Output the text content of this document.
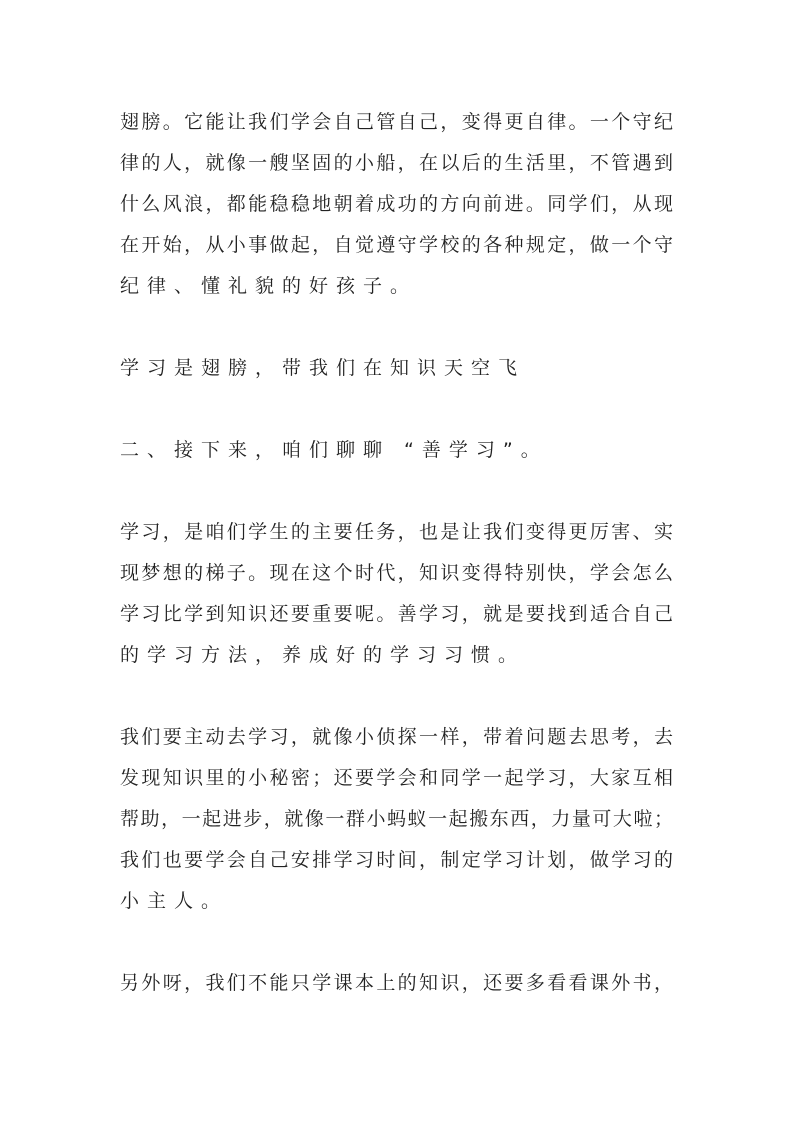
翅膀。它能让我们学会自己管自己，变得更自律。一个守纪
律的人，就像一艘坚固的小船，在以后的生活里，不管遇到
什么风浪，都能稳稳地朝着成功的方向前进。同学们，从现
在开始，从小事做起，自觉遵守学校的各种规定，做一个守
纪律、懂礼貌的好孩子。
学习是翅膀，带我们在知识天空飞
二、接下来，咱们聊聊 “善学习”。
学习，是咱们学生的主要任务，也是让我们变得更厉害、实
现梦想的梯子。现在这个时代，知识变得特别快，学会怎么
学习比学到知识还要重要呢。善学习，就是要找到适合自己
的学习方法，养成好的学习习惯。
我们要主动去学习，就像小侦探一样，带着问题去思考，去
发现知识里的小秘密；还要学会和同学一起学习，大家互相
帮助，一起进步，就像一群小蚂蚁一起搬东西，力量可大啦；
我们也要学会自己安排学习时间，制定学习计划，做学习的
小主人。
另外呀，我们不能只学课本上的知识，还要多看看课外书，
